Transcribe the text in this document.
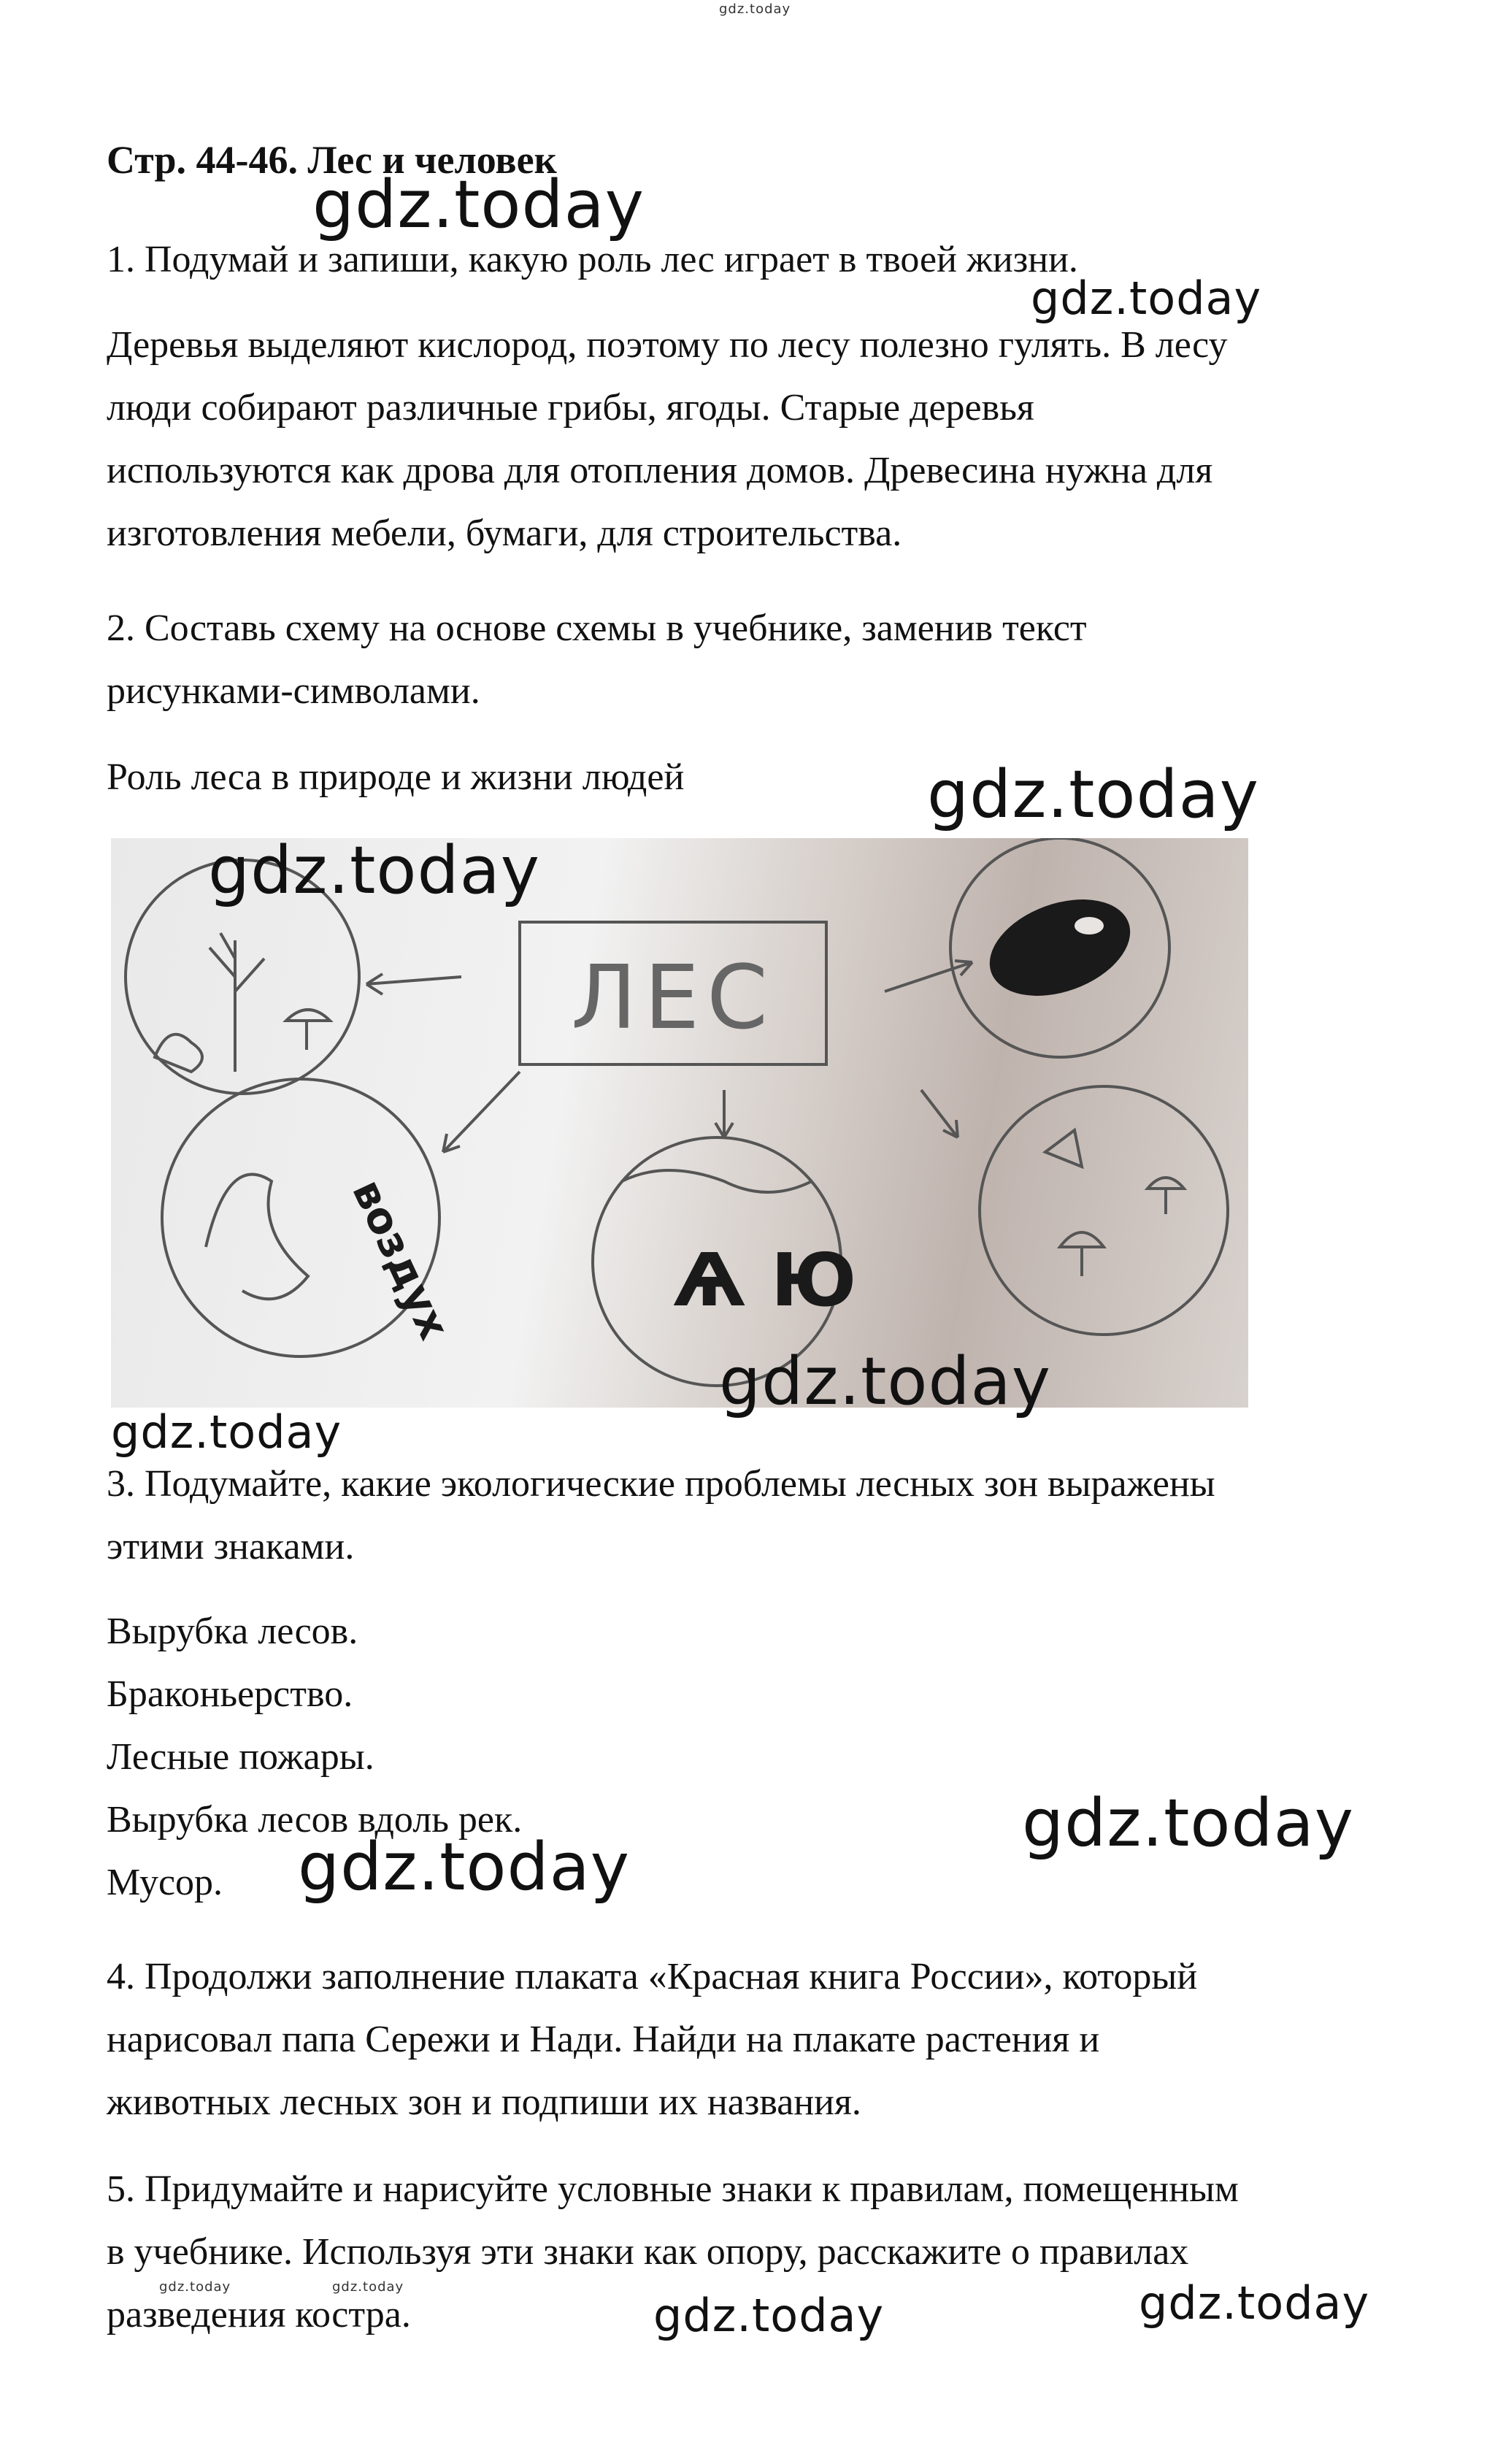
gdz.today

Стр. 44-46. Лес и человек

gdz.today

1. Подумай и запиши, какую роль лес играет в твоей жизни.

gdz.today

Деревья выделяют кислород, поэтому по лесу полезно гулять. В лесу

люди собирают различные грибы, ягоды. Старые деревья

используются как дрова для отопления домов. Древесина нужна для

изготовления мебели, бумаги, для строительства.

2. Составь схему на основе схемы в учебнике, заменив текст

рисунками-символами.

Роль леса в природе и жизни людей	gdz.today
ЛЕС
воздух	Ѧ Ю
gdz.today
gdz.today
gdz.today

3. Подумайте, какие экологические проблемы лесных зон выражены

этими знаками.

Вырубка лесов.

Браконьерство.

Лесные пожары.

Вырубка лесов вдоль рек.

Мусор.

gdz.today
gdz.today

4. Продолжи заполнение плаката «Красная книга России», который

нарисовал папа Сережи и Нади. Найди на плакате растения и

животных лесных зон и подпиши их названия.

5. Придумайте и нарисуйте условные знаки к правилам, помещенным

в учебнике. Используя эти знаки как опору, расскажите о правилах

разведения костра.	gdz.today
gdz.today
gdz.today	gdz.today
